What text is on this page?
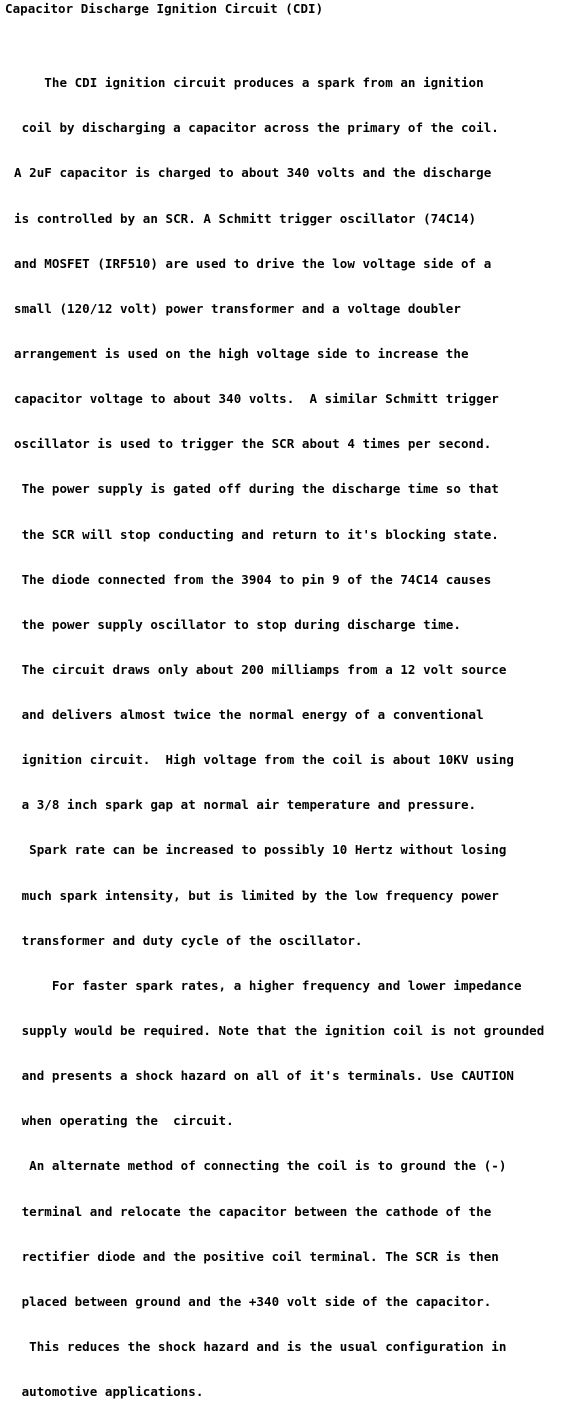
Capacitor Discharge Ignition Circuit (CDI)

The CDI ignition circuit produces a spark from an ignition

coil by discharging a capacitor across the primary of the coil.

A 2uF capacitor is charged to about 340 volts and the discharge

is controlled by an SCR. A Schmitt trigger oscillator (74C14)

and MOSFET (IRF510) are used to drive the low voltage side of a

small (120/12 volt) power transformer and a voltage doubler

arrangement is used on the high voltage side to increase the

capacitor voltage to about 340 volts.  A similar Schmitt trigger

oscillator is used to trigger the SCR about 4 times per second.

The power supply is gated off during the discharge time so that

the SCR will stop conducting and return to it's blocking state.

The diode connected from the 3904 to pin 9 of the 74C14 causes

the power supply oscillator to stop during discharge time.

The circuit draws only about 200 milliamps from a 12 volt source

and delivers almost twice the normal energy of a conventional

ignition circuit.  High voltage from the coil is about 10KV using

a 3/8 inch spark gap at normal air temperature and pressure.

Spark rate can be increased to possibly 10 Hertz without losing

much spark intensity, but is limited by the low frequency power

transformer and duty cycle of the oscillator.

For faster spark rates, a higher frequency and lower impedance

supply would be required. Note that the ignition coil is not grounded

and presents a shock hazard on all of it's terminals. Use CAUTION

when operating the  circuit.

An alternate method of connecting the coil is to ground the (-)

terminal and relocate the capacitor between the cathode of the

rectifier diode and the positive coil terminal. The SCR is then

placed between ground and the +340 volt side of the capacitor.

This reduces the shock hazard and is the usual configuration in

automotive applications.
